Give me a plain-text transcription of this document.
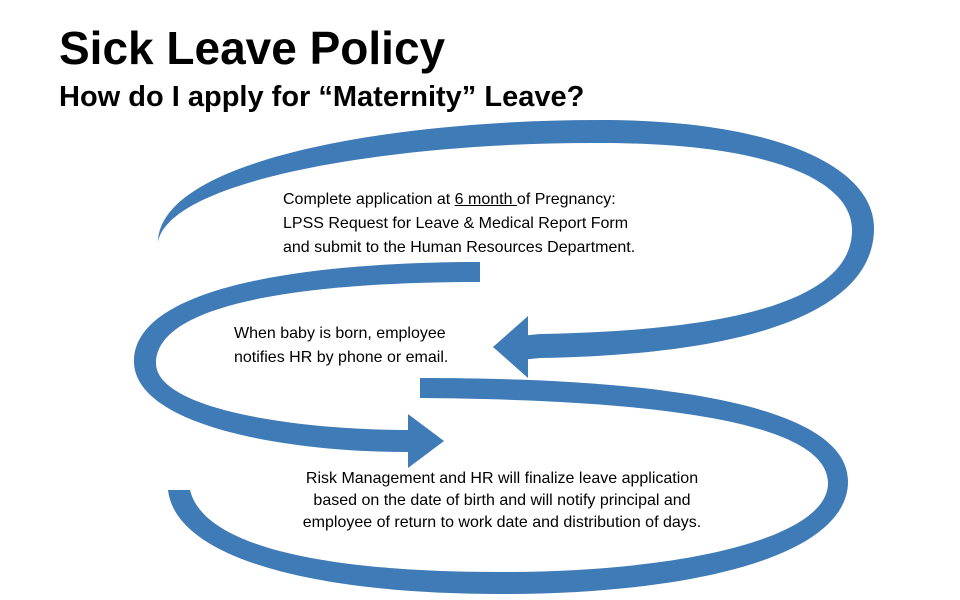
Sick Leave Policy
How do I apply for “Maternity” Leave?

Complete application at 6 month of Pregnancy:

LPSS Request for Leave & Medical Report Form

and submit to the Human Resources Department.

When baby is born, employee

notifies HR by phone or email.

Risk Management and HR will finalize leave application

based on the date of birth and will notify principal and

employee of return to work date and distribution of days.
